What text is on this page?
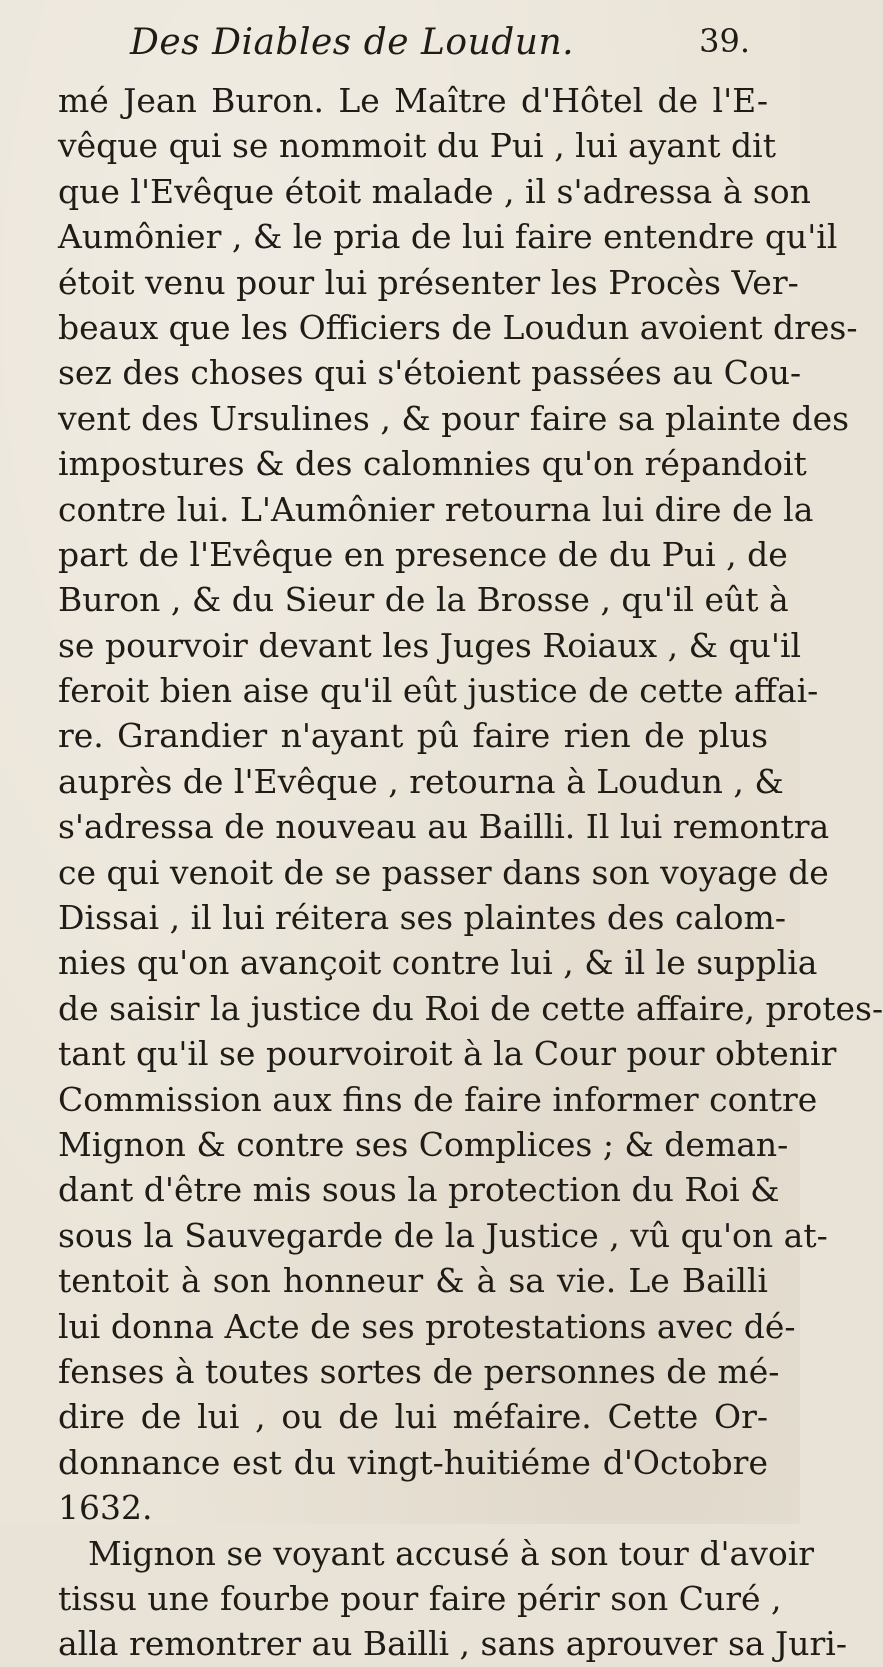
Des Diables de Loudun.	39.
mé Jean Buron. Le Maître d'Hôtel de l'E-
vêque qui se nommoit du Pui , lui ayant dit
que l'Evêque étoit malade , il s'adressa à son
Aumônier , & le pria de lui faire entendre qu'il
étoit venu pour lui présenter les Procès Ver-
beaux que les Officiers de Loudun avoient dres-
sez des choses qui s'étoient passées au Cou-
vent des Ursulines , & pour faire sa plainte des
impostures & des calomnies qu'on répandoit
contre lui. L'Aumônier retourna lui dire de la
part de l'Evêque en presence de du Pui , de
Buron , & du Sieur de la Brosse , qu'il eût à
se pourvoir devant les Juges Roiaux , & qu'il
feroit bien aise qu'il eût justice de cette affai-
re. Grandier n'ayant pû faire rien de plus
auprès de l'Evêque , retourna à Loudun , &
s'adressa de nouveau au Bailli. Il lui remontra
ce qui venoit de se passer dans son voyage de
Dissai , il lui réitera ses plaintes des calom-
nies qu'on avançoit contre lui , & il le supplia
de saisir la justice du Roi de cette affaire, protes-
tant qu'il se pourvoiroit à la Cour pour obtenir
Commission aux fins de faire informer contre
Mignon & contre ses Complices ; & deman-
dant d'être mis sous la protection du Roi &
sous la Sauvegarde de la Justice , vû qu'on at-
tentoit à son honneur & à sa vie. Le Bailli
lui donna Acte de ses protestations avec dé-
fenses à toutes sortes de personnes de mé-
dire de lui , ou de lui méfaire. Cette Or-
donnance est du vingt-huitiéme d'Octobre
1632.
Mignon se voyant accusé à son tour d'avoir
tissu une fourbe pour faire périr son Curé ,
alla remontrer au Bailli , sans aprouver sa Juri-
